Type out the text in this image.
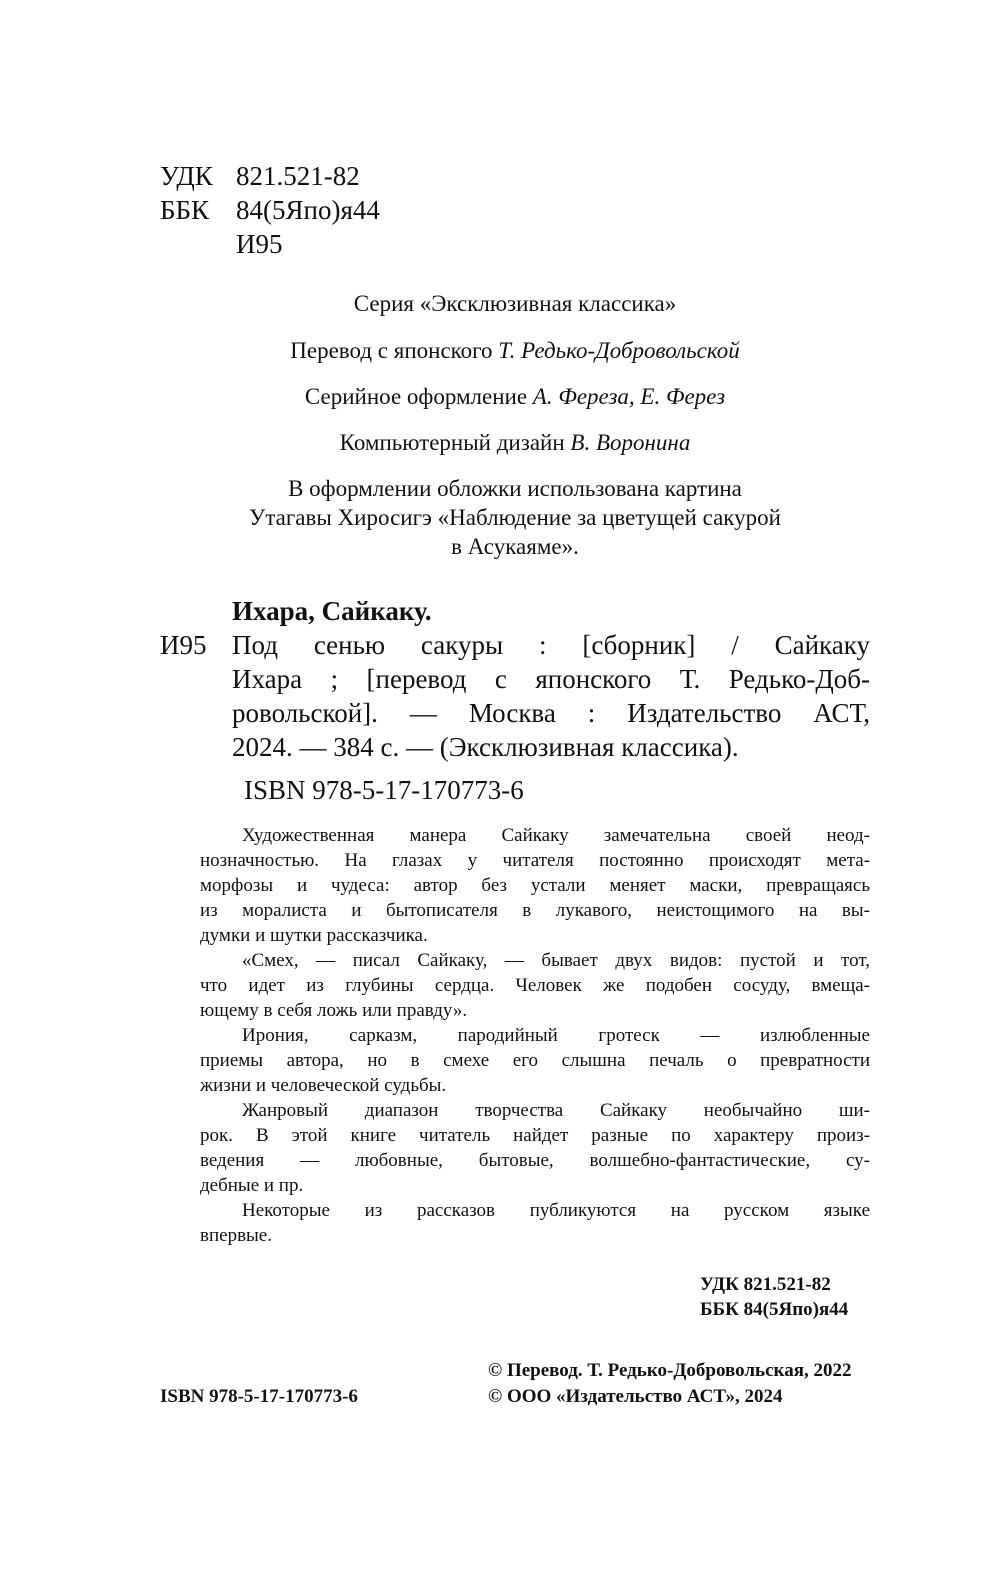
УДК 821.521-82
ББК 84(5Япо)я44
И95
Серия «Эксклюзивная классика»
Перевод с японского Т. Редько-Добровольской
Серийное оформление А. Фереза, Е. Ферез
Компьютерный дизайн В. Воронина
В оформлении обложки использована картина
Утагавы Хиросигэ «Наблюдение за цветущей сакурой
в Асукаяме».
Ихара, Сайкаку.
И95 Под сенью сакуры : [сборник] / Сайкаку
Ихара ; [перевод с японского Т. Редько-Доб-
ровольской]. — Москва : Издательство АСТ,
2024. — 384 с. — (Эксклюзивная классика).
ISBN 978-5-17-170773-6
Художественная манера Сайкаку замечательна своей неод-
нозначностью. На глазах у читателя постоянно происходят мета-
морфозы и чудеса: автор без устали меняет маски, превращаясь
из моралиста и бытописателя в лукавого, неистощимого на вы-
думки и шутки рассказчика.
«Смех, — писал Сайкаку, — бывает двух видов: пустой и тот,
что идет из глубины сердца. Человек же подобен сосуду, вмеща-
ющему в себя ложь или правду».
Ирония, сарказм, пародийный гротеск — излюбленные
приемы автора, но в смехе его слышна печаль о превратности
жизни и человеческой судьбы.
Жанровый диапазон творчества Сайкаку необычайно ши-
рок. В этой книге читатель найдет разные по характеру произ-
ведения — любовные, бытовые, волшебно-фантастические, су-
дебные и пр.
Некоторые из рассказов публикуются на русском языке
впервые.
УДК 821.521-82
ББК 84(5Япо)я44
© Перевод. Т. Редько-Добровольская, 2022
© ООО «Издательство АСТ», 2024
ISBN 978-5-17-170773-6
